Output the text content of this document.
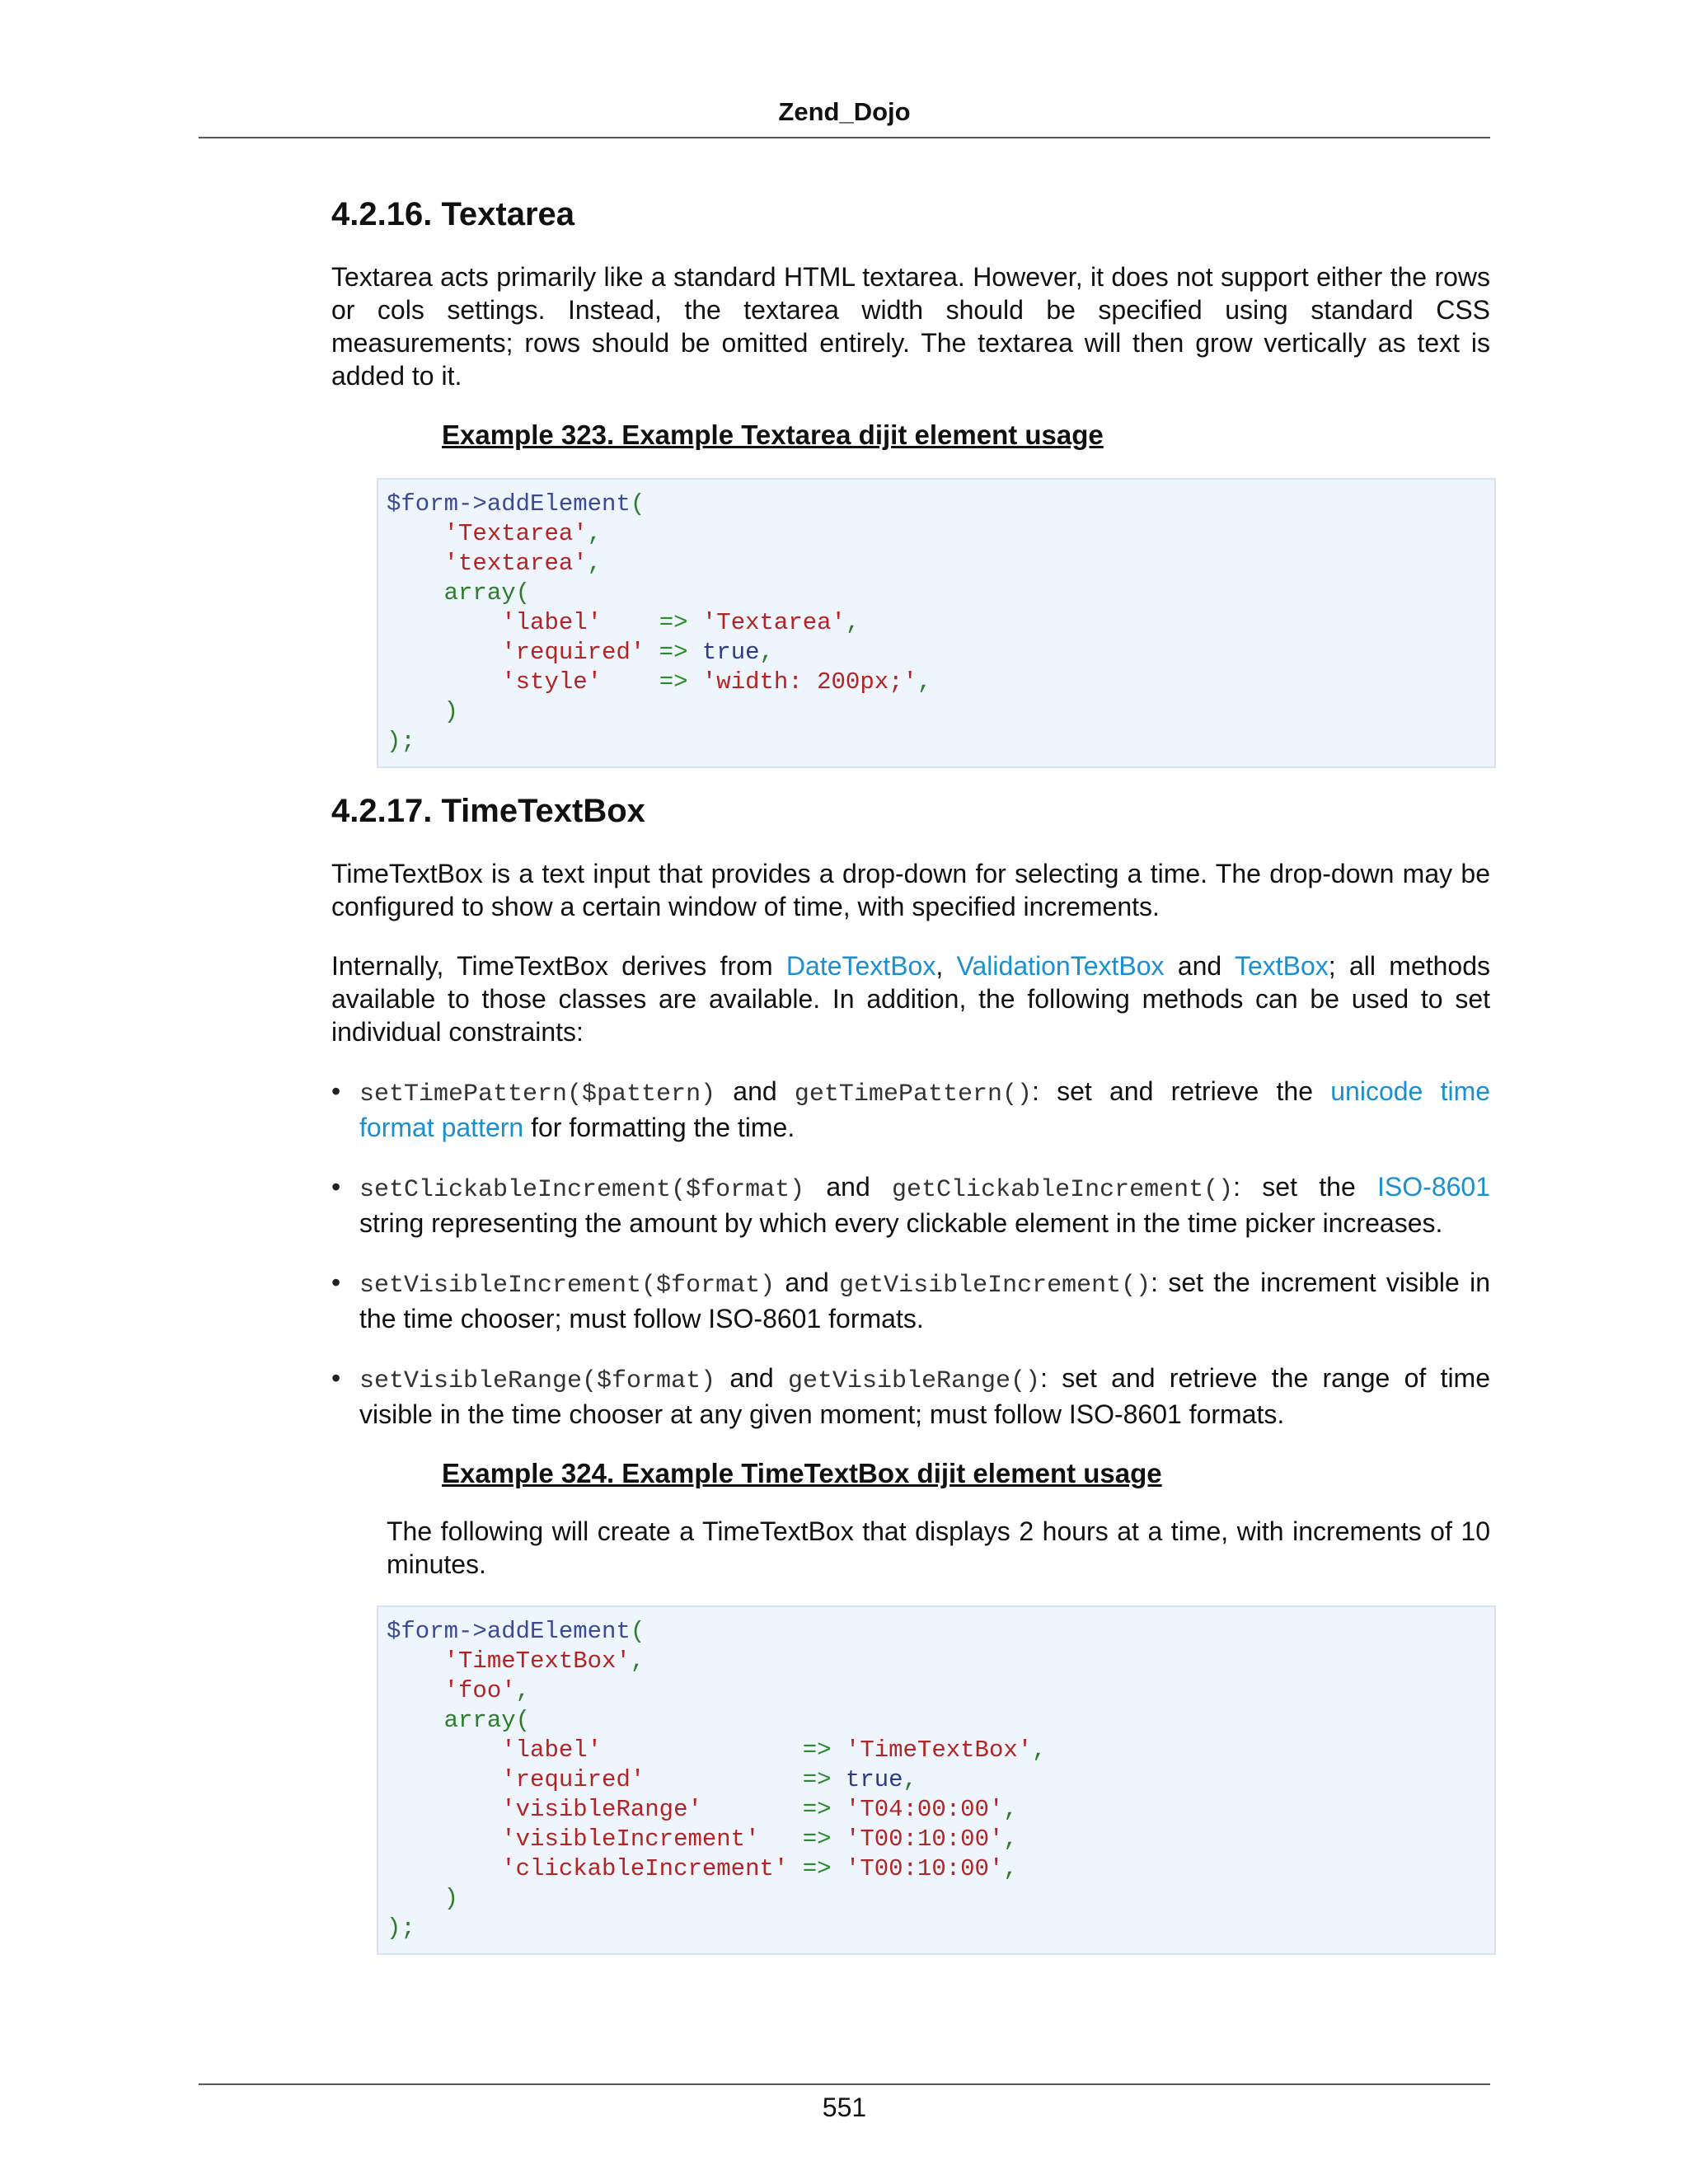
Zend_Dojo
4.2.16. Textarea

Textarea acts primarily like a standard HTML textarea. However, it does not support either the rows or cols settings. Instead, the textarea width should be specified using standard CSS measurements; rows should be omitted entirely. The textarea will then grow vertically as text is added to it.

Example 323. Example Textarea dijit element usage
$form->addElement(
'Textarea',
'textarea',
array(
'label' => 'Textarea',
'required' => true,
'style' => 'width: 200px;',
)
);
4.2.17. TimeTextBox

TimeTextBox is a text input that provides a drop-down for selecting a time. The drop-down may be configured to show a certain window of time, with specified increments.

Internally, TimeTextBox derives from DateTextBox, ValidationTextBox and TextBox; all methods available to those classes are available. In addition, the following methods can be used to set individual constraints:

• setTimePattern($pattern) and getTimePattern(): set and retrieve the unicode time format pattern for formatting the time.
• setClickableIncrement($format) and getClickableIncrement(): set the ISO-8601 string representing the amount by which every clickable element in the time picker increases.
• setVisibleIncrement($format) and getVisibleIncrement(): set the increment visible in the time chooser; must follow ISO-8601 formats.
• setVisibleRange($format) and getVisibleRange(): set and retrieve the range of time visible in the time chooser at any given moment; must follow ISO-8601 formats.
Example 324. Example TimeTextBox dijit element usage

The following will create a TimeTextBox that displays 2 hours at a time, with increments of 10 minutes.

$form->addElement(
'TimeTextBox',
'foo',
array(
'label'	=> 'TimeTextBox',
'required'	=> true,
'visibleRange'	=> 'T04:00:00',
'visibleIncrement' => 'T00:10:00',
'clickableIncrement' => 'T00:10:00',
)
);
551
